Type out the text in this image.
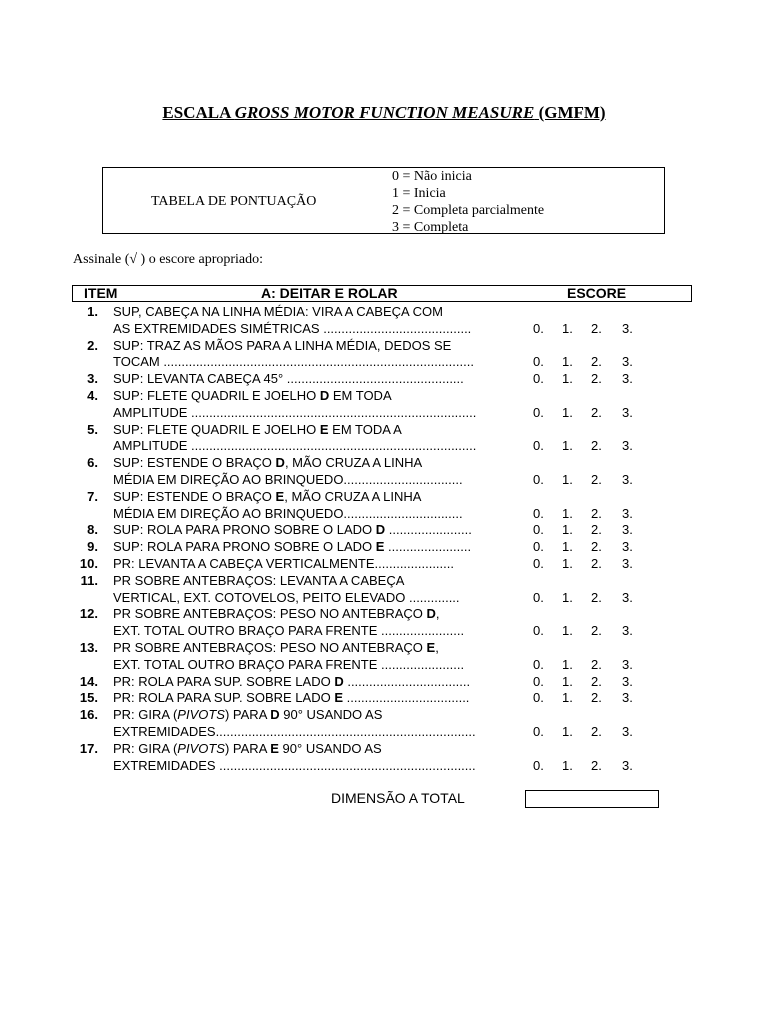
ESCALA GROSS MOTOR FUNCTION MEASURE (GMFM)
TABELA DE PONTUAÇÃO
0 = Não inicia
1 = Inicia
2 = Completa parcialmente
3 = Completa
Assinale (√ ) o escore apropriado:
ITEM	A: DEITAR E ROLAR	ESCORE
1. SUP, CABEÇA NA LINHA MÉDIA: VIRA A CABEÇA COM
AS EXTREMIDADES SIMÉTRICAS .........................................	0. 1. 2. 3.
2. SUP: TRAZ AS MÃOS PARA A LINHA MÉDIA, DEDOS SE
TOCAM ......................................................................................	0. 1. 2. 3.
3. SUP: LEVANTA CABEÇA 45° .................................................	0. 1. 2. 3.
4. SUP: FLETE QUADRIL E JOELHO D EM TODA
AMPLITUDE ...............................................................................	0. 1. 2. 3.
5. SUP: FLETE QUADRIL E JOELHO E EM TODA A
AMPLITUDE ...............................................................................	0. 1. 2. 3.
6. SUP: ESTENDE O BRAÇO D, MÃO CRUZA A LINHA
MÉDIA EM DIREÇÃO AO BRINQUEDO.................................	0. 1. 2. 3.
7. SUP: ESTENDE O BRAÇO E, MÃO CRUZA A LINHA
MÉDIA EM DIREÇÃO AO BRINQUEDO.................................	0. 1. 2. 3.
8. SUP: ROLA PARA PRONO SOBRE O LADO D .......................	0. 1. 2. 3.
9. SUP: ROLA PARA PRONO SOBRE O LADO E .......................	0. 1. 2. 3.
10. PR: LEVANTA A CABEÇA VERTICALMENTE......................	0. 1. 2. 3.
11. PR SOBRE ANTEBRAÇOS: LEVANTA A CABEÇA
VERTICAL, EXT. COTOVELOS, PEITO ELEVADO ..............	0. 1. 2. 3.
12. PR SOBRE ANTEBRAÇOS: PESO NO ANTEBRAÇO D,
EXT. TOTAL OUTRO BRAÇO PARA FRENTE .......................	0. 1. 2. 3.
13. PR SOBRE ANTEBRAÇOS: PESO NO ANTEBRAÇO E,
EXT. TOTAL OUTRO BRAÇO PARA FRENTE .......................	0. 1. 2. 3.
14. PR: ROLA PARA SUP. SOBRE LADO D ..................................	0. 1. 2. 3.
15. PR: ROLA PARA SUP. SOBRE LADO E ..................................	0. 1. 2. 3.
16. PR: GIRA (PIVOTS) PARA D 90° USANDO AS
EXTREMIDADES........................................................................	0. 1. 2. 3.
17. PR: GIRA (PIVOTS) PARA E 90° USANDO AS
EXTREMIDADES .......................................................................	0. 1. 2. 3.
DIMENSÃO A TOTAL
